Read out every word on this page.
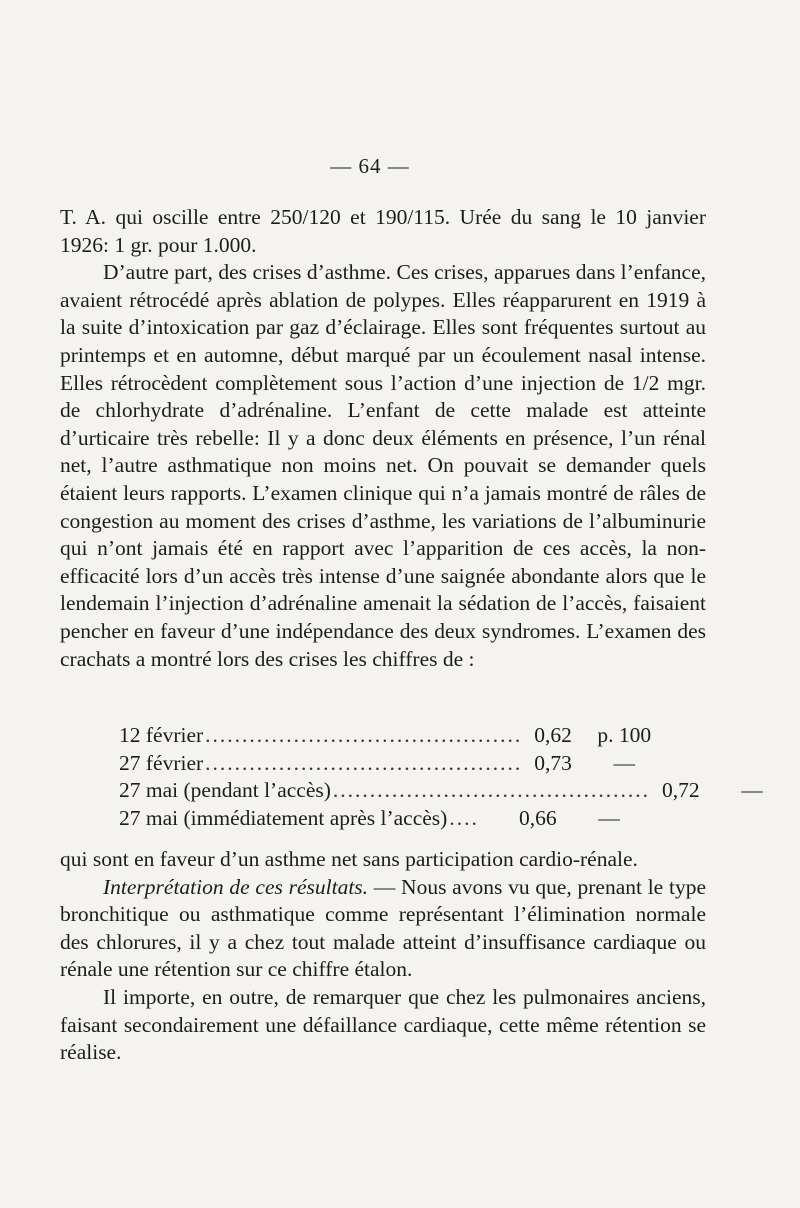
— 64 —

T. A. qui oscille entre 250/120 et 190/115. Urée du sang le 10 janvier 1926: 1 gr. pour 1.000.

D’autre part, des crises d’asthme. Ces crises, apparues dans l’enfance, avaient rétrocédé après ablation de polypes. Elles réapparurent en 1919 à la suite d’intoxication par gaz d’éclairage. Elles sont fréquentes surtout au printemps et en automne, début marqué par un écoulement nasal intense. Elles rétrocèdent complètement sous l’action d’une injection de 1/2 mgr. de chlorhydrate d’adrénaline. L’enfant de cette malade est atteinte d’urticaire très rebelle: Il y a donc deux éléments en présence, l’un rénal net, l’autre asthmatique non moins net. On pouvait se demander quels étaient leurs rapports. L’examen clinique qui n’a jamais montré de râles de congestion au moment des crises d’asthme, les variations de l’albuminurie qui n’ont jamais été en rapport avec l’apparition de ces accès, la non-efficacité lors d’un accès très intense d’une saignée abondante alors que le lendemain l’injection d’adrénaline amenait la sédation de l’accès, faisaient pencher en faveur d’une indépendance des deux syndromes. L’examen des crachats a montré lors des crises les chiffres de :

12 février ........................................... 0,62	p. 100
27 février ........................................... 0,73	—
27 mai (pendant l’accès) ........................................... 0,72	—
27 mai (immédiatement après l’accès) ....	0,66	—

qui sont en faveur d’un asthme net sans participation cardio-rénale.

Interprétation de ces résultats. — Nous avons vu que, prenant le type bronchitique ou asthmatique comme représentant l’élimination normale des chlorures, il y a chez tout malade atteint d’insuffisance cardiaque ou rénale une rétention sur ce chiffre étalon.

Il importe, en outre, de remarquer que chez les pulmonaires anciens, faisant secondairement une défaillance cardiaque, cette même rétention se réalise.
